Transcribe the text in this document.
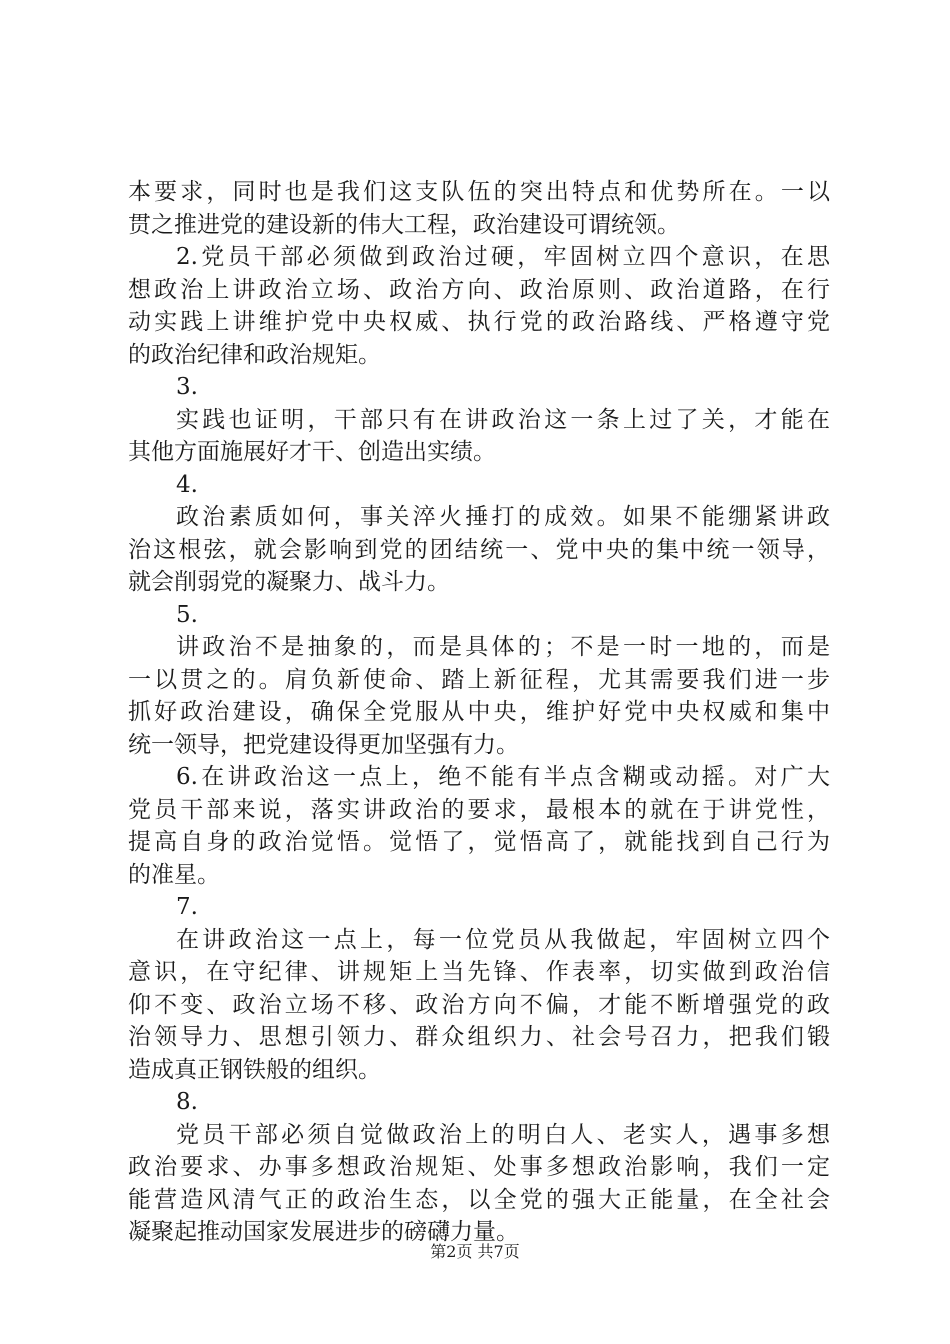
本要求，同时也是我们这支队伍的突出特点和优势所在。一以
贯之推进党的建设新的伟大工程，政治建设可谓统领。
2.党员干部必须做到政治过硬，牢固树立四个意识，在思
想政治上讲政治立场、政治方向、政治原则、政治道路，在行
动实践上讲维护党中央权威、执行党的政治路线、严格遵守党
的政治纪律和政治规矩。
3.
实践也证明，干部只有在讲政治这一条上过了关，才能在
其他方面施展好才干、创造出实绩。
4.
政治素质如何，事关淬火捶打的成效。如果不能绷紧讲政
治这根弦，就会影响到党的团结统一、党中央的集中统一领导，
就会削弱党的凝聚力、战斗力。
5.
讲政治不是抽象的，而是具体的；不是一时一地的，而是
一以贯之的。肩负新使命、踏上新征程，尤其需要我们进一步
抓好政治建设，确保全党服从中央，维护好党中央权威和集中
统一领导，把党建设得更加坚强有力。
6.在讲政治这一点上，绝不能有半点含糊或动摇。对广大
党员干部来说，落实讲政治的要求，最根本的就在于讲党性，
提高自身的政治觉悟。觉悟了，觉悟高了，就能找到自己行为
的准星。
7.
在讲政治这一点上，每一位党员从我做起，牢固树立四个
意识，在守纪律、讲规矩上当先锋、作表率，切实做到政治信
仰不变、政治立场不移、政治方向不偏，才能不断增强党的政
治领导力、思想引领力、群众组织力、社会号召力，把我们锻
造成真正钢铁般的组织。
8.
党员干部必须自觉做政治上的明白人、老实人，遇事多想
政治要求、办事多想政治规矩、处事多想政治影响，我们一定
能营造风清气正的政治生态，以全党的强大正能量，在全社会
凝聚起推动国家发展进步的磅礴力量。
第2页 共7页
